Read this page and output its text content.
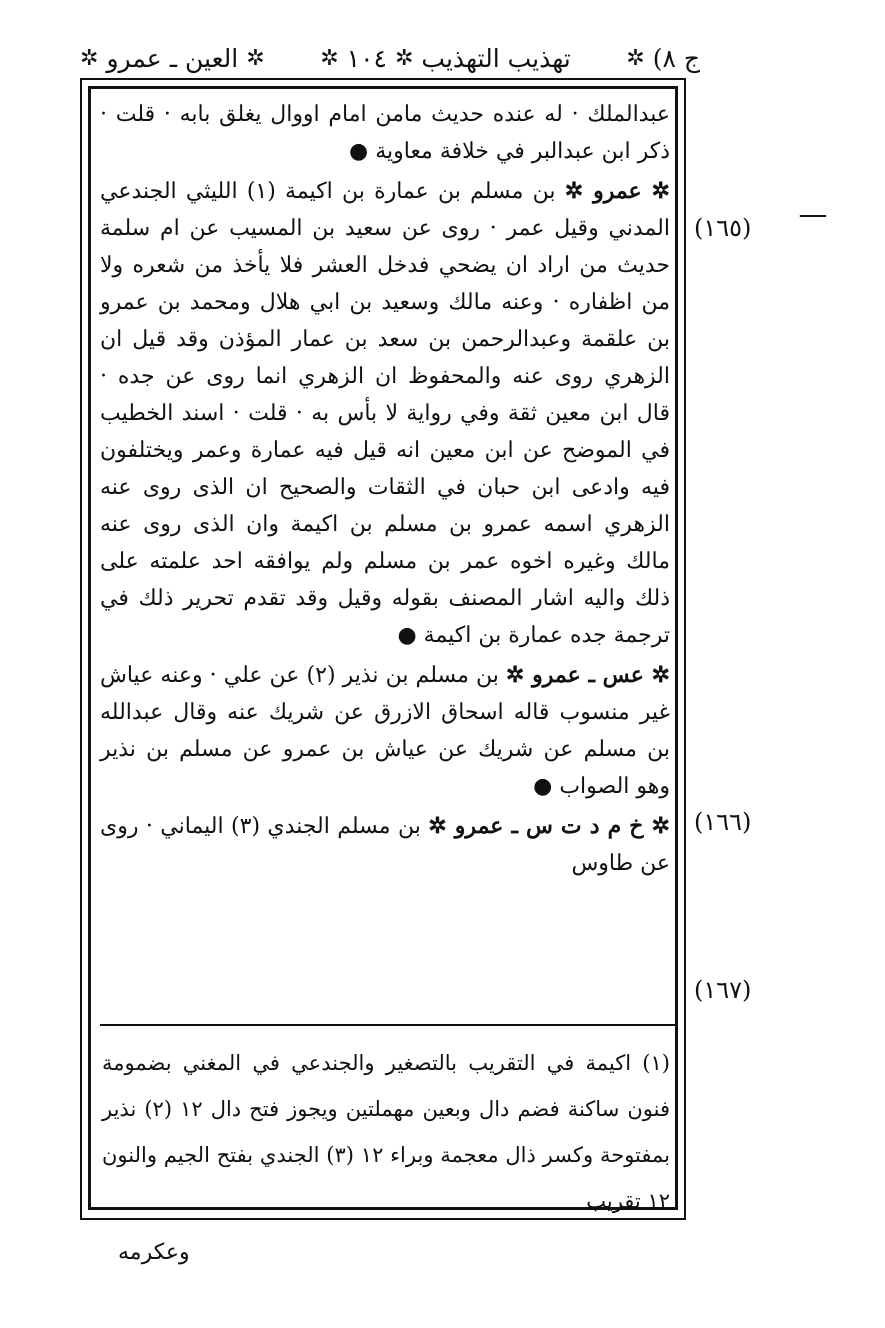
ج ٨)
✲
تهذيب التهذيب
✲
١٠٤
✲
✲
العين
ـ
عمرو
✲
ــــ
(١٦٥)
(١٦٦)
(١٦٧)

عبدالملك · له عنده حديث مامن امام اووال يغلق بابه · قلت · ذكر ابن عبدالبر في خلافة معاوية ●

✲ عمرو ✲ بن مسلم بن عمارة بن اكيمة (١) الليثي الجندعي المدني وقيل عمر · روى عن سعيد بن المسيب عن ام سلمة حديث من اراد ان يضحي فدخل العشر فلا يأخذ من شعره ولا من اظفاره · وعنه مالك وسعيد بن ابي هلال ومحمد بن عمرو بن علقمة وعبدالرحمن بن سعد بن عمار المؤذن وقد قيل ان الزهري روى عنه والمحفوظ ان الزهري انما روى عن جده · قال ابن معين ثقة وفي رواية لا بأس به · قلت · اسند الخطيب في الموضح عن ابن معين انه قيل فيه عمارة وعمر ويختلفون فيه وادعى ابن حبان في الثقات والصحيح ان الذى روى عنه الزهري اسمه عمرو بن مسلم بن اكيمة وان الذى روى عنه مالك وغيره اخوه عمر بن مسلم ولم يوافقه احد علمته على ذلك واليه اشار المصنف بقوله وقيل وقد تقدم تحرير ذلك في ترجمة جده عمارة بن اكيمة ●

✲ عس ـ عمرو ✲ بن مسلم بن نذير (٢) عن علي · وعنه عياش غير منسوب قاله اسحاق الازرق عن شريك عنه وقال عبدالله بن مسلم عن شريك عن عياش بن عمرو عن مسلم بن نذير وهو الصواب ●

✲ خ م د ت س ـ عمرو ✲ بن مسلم الجندي (٣) اليماني · روى عن طاوس

(١) اكيمة في التقريب بالتصغير والجندعي في المغني بضمومة فنون ساكنة فضم دال وبعين مهملتين ويجوز فتح دال ١٢ (٢) نذير بمفتوحة وكسر ذال معجمة وبراء ١٢ (٣) الجندي بفتح الجيم والنون ١٢ تقريب
وعكرمه
